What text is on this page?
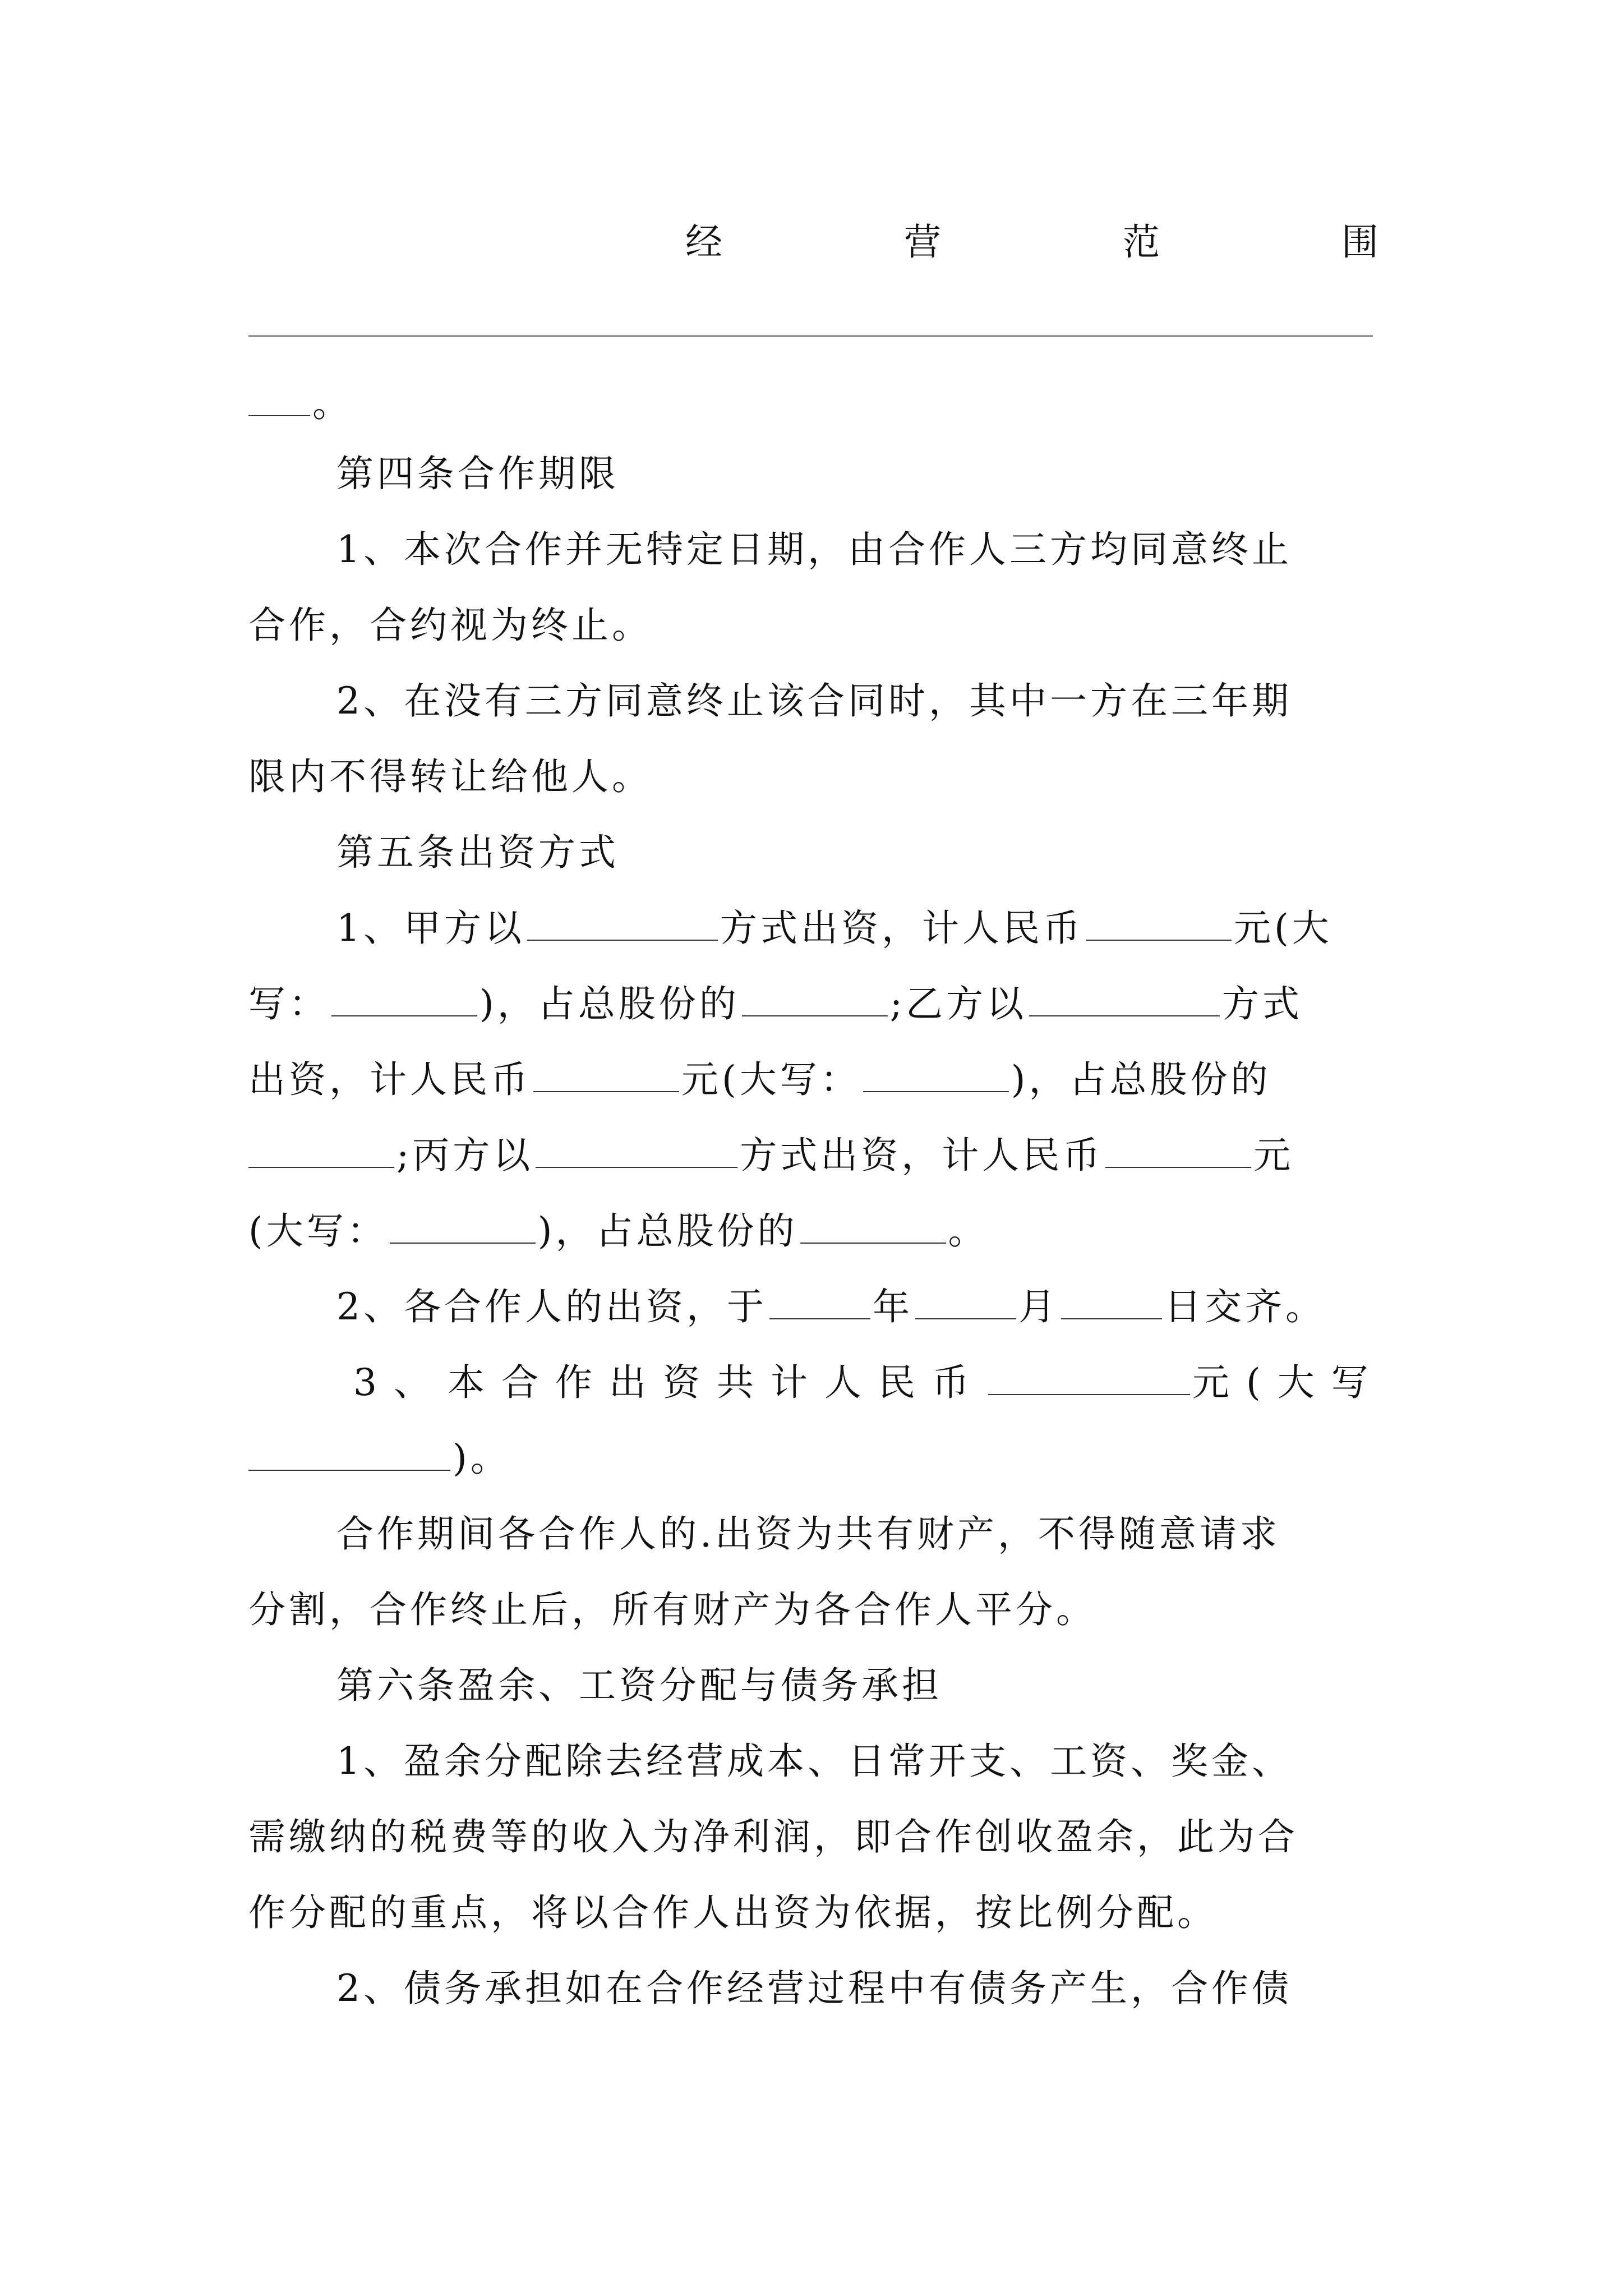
经	营	范	围
。
第四条合作期限
1、本次合作并无特定日期，由合作人三方均同意终止
合作，合约视为终止。
2、在没有三方同意终止该合同时，其中一方在三年期
限内不得转让给他人。
第五条出资方式
1、甲方以	方式出资，计人民币	元(大
写：	)，占总股份的	;乙方以	方式
出资，计人民币	元(大写：	)，占总股份的
;丙方以	方式出资，计人民币	元
(大写：	)，占总股份的	。
2、各合作人的出资，于	年	月	日交齐。
3、本合作出资共计人民币	元(大写
)。
合作期间各合作人的.出资为共有财产，不得随意请求
分割，合作终止后，所有财产为各合作人平分。
第六条盈余、工资分配与债务承担
1、盈余分配除去经营成本、日常开支、工资、奖金、
需缴纳的税费等的收入为净利润，即合作创收盈余，此为合
作分配的重点，将以合作人出资为依据，按比例分配。
2、债务承担如在合作经营过程中有债务产生，合作债
